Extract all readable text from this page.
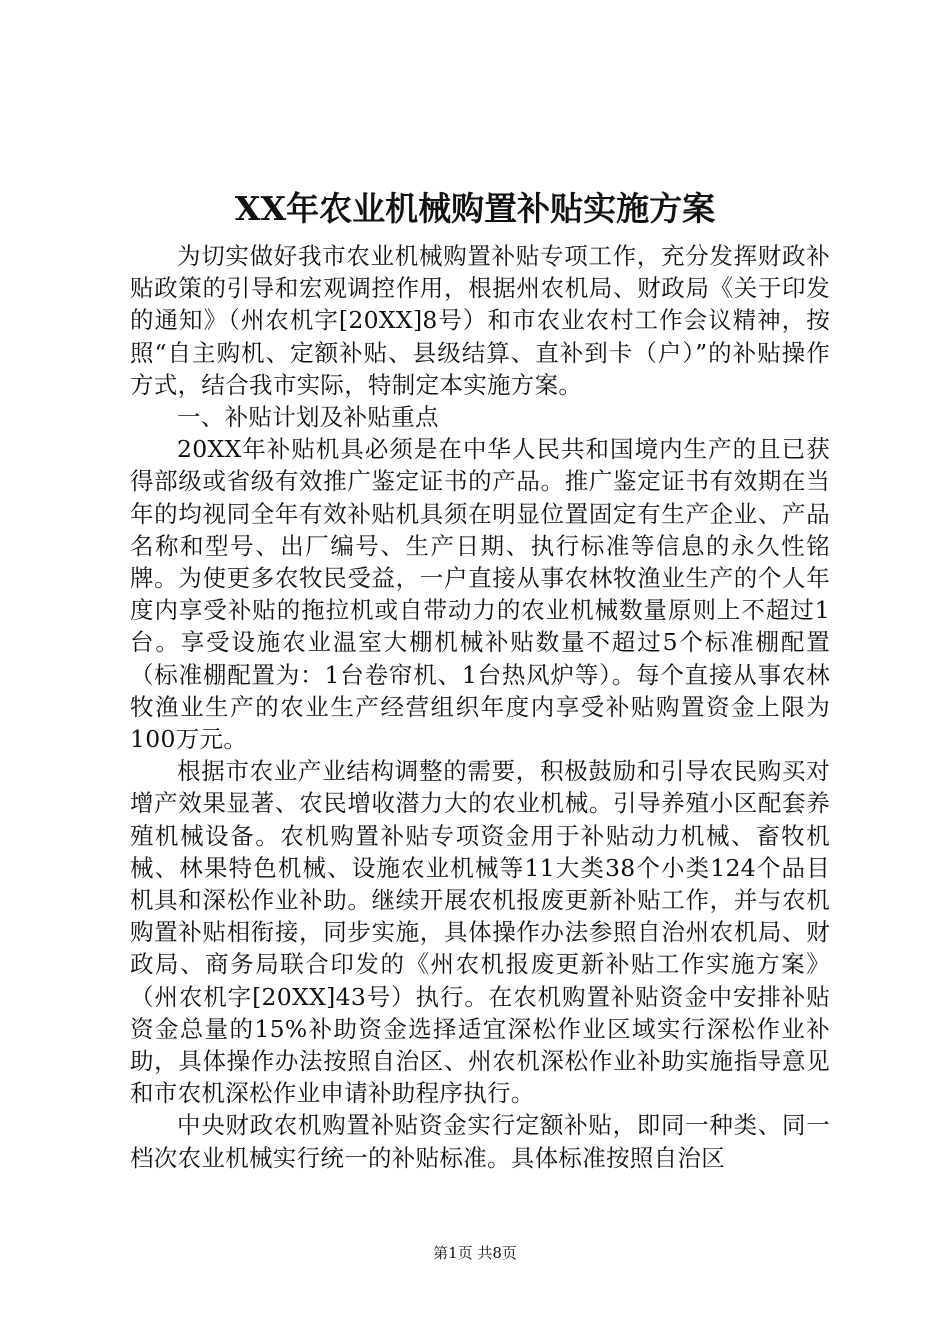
XX年农业机械购置补贴实施方案

为切实做好我市农业机械购置补贴专项工作，充分发挥财政补贴政策的引导和宏观调控作用，根据州农机局、财政局《关于印发的通知》（州农机字[20XX]8号）和市农业农村工作会议精神，按照“自主购机、定额补贴、县级结算、直补到卡（户）”的补贴操作方式，结合我市实际，特制定本实施方案。

一、补贴计划及补贴重点

20XX年补贴机具必须是在中华人民共和国境内生产的且已获得部级或省级有效推广鉴定证书的产品。推广鉴定证书有效期在当年的均视同全年有效补贴机具须在明显位置固定有生产企业、产品名称和型号、出厂编号、生产日期、执行标准等信息的永久性铭牌。为使更多农牧民受益，一户直接从事农林牧渔业生产的个人年度内享受补贴的拖拉机或自带动力的农业机械数量原则上不超过1台。享受设施农业温室大棚机械补贴数量不超过5个标准棚配置（标准棚配置为：1台卷帘机、1台热风炉等）。每个直接从事农林牧渔业生产的农业生产经营组织年度内享受补贴购置资金上限为100万元。

根据市农业产业结构调整的需要，积极鼓励和引导农民购买对增产效果显著、农民增收潜力大的农业机械。引导养殖小区配套养殖机械设备。农机购置补贴专项资金用于补贴动力机械、畜牧机械、林果特色机械、设施农业机械等11大类38个小类124个品目机具和深松作业补助。继续开展农机报废更新补贴工作，并与农机购置补贴相衔接，同步实施，具体操作办法参照自治州农机局、财政局、商务局联合印发的《州农机报废更新补贴工作实施方案》（州农机字[20XX]43号）执行。在农机购置补贴资金中安排补贴资金总量的15%补助资金选择适宜深松作业区域实行深松作业补助，具体操作办法按照自治区、州农机深松作业补助实施指导意见和市农机深松作业申请补助程序执行。

中央财政农机购置补贴资金实行定额补贴，即同一种类、同一档次农业机械实行统一的补贴标准。具体标准按照自治区

第1页 共8页
